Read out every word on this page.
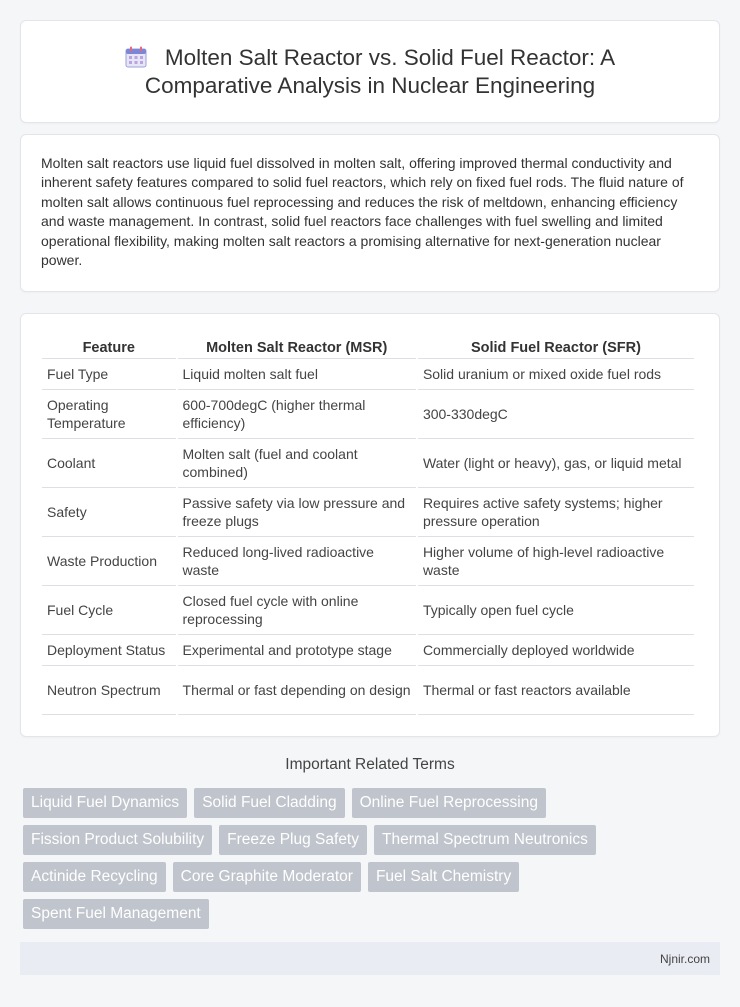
Molten Salt Reactor vs. Solid Fuel Reactor: A Comparative Analysis in Nuclear Engineering

Molten salt reactors use liquid fuel dissolved in molten salt, offering improved thermal conductivity and inherent safety features compared to solid fuel reactors, which rely on fixed fuel rods. The fluid nature of molten salt allows continuous fuel reprocessing and reduces the risk of meltdown, enhancing efficiency and waste management. In contrast, solid fuel reactors face challenges with fuel swelling and limited operational flexibility, making molten salt reactors a promising alternative for next-generation nuclear power.

Feature	Molten Salt Reactor (MSR)	Solid Fuel Reactor (SFR)
Fuel Type	Liquid molten salt fuel	Solid uranium or mixed oxide fuel rods
Operating Temperature	600-700degC (higher thermal efficiency)	300-330degC
Coolant	Molten salt (fuel and coolant combined)	Water (light or heavy), gas, or liquid metal
Safety	Passive safety via low pressure and freeze plugs	Requires active safety systems; higher pressure operation
Waste Production	Reduced long-lived radioactive waste	Higher volume of high-level radioactive waste
Fuel Cycle	Closed fuel cycle with online reprocessing	Typically open fuel cycle
Deployment Status	Experimental and prototype stage	Commercially deployed worldwide
Neutron Spectrum	Thermal or fast depending on design	Thermal or fast reactors available
Important Related Terms
Liquid Fuel Dynamics	Solid Fuel Cladding	Online Fuel Reprocessing
Fission Product Solubility	Freeze Plug Safety	Thermal Spectrum Neutronics
Actinide Recycling	Core Graphite Moderator	Fuel Salt Chemistry
Spent Fuel Management
Njnir.com
